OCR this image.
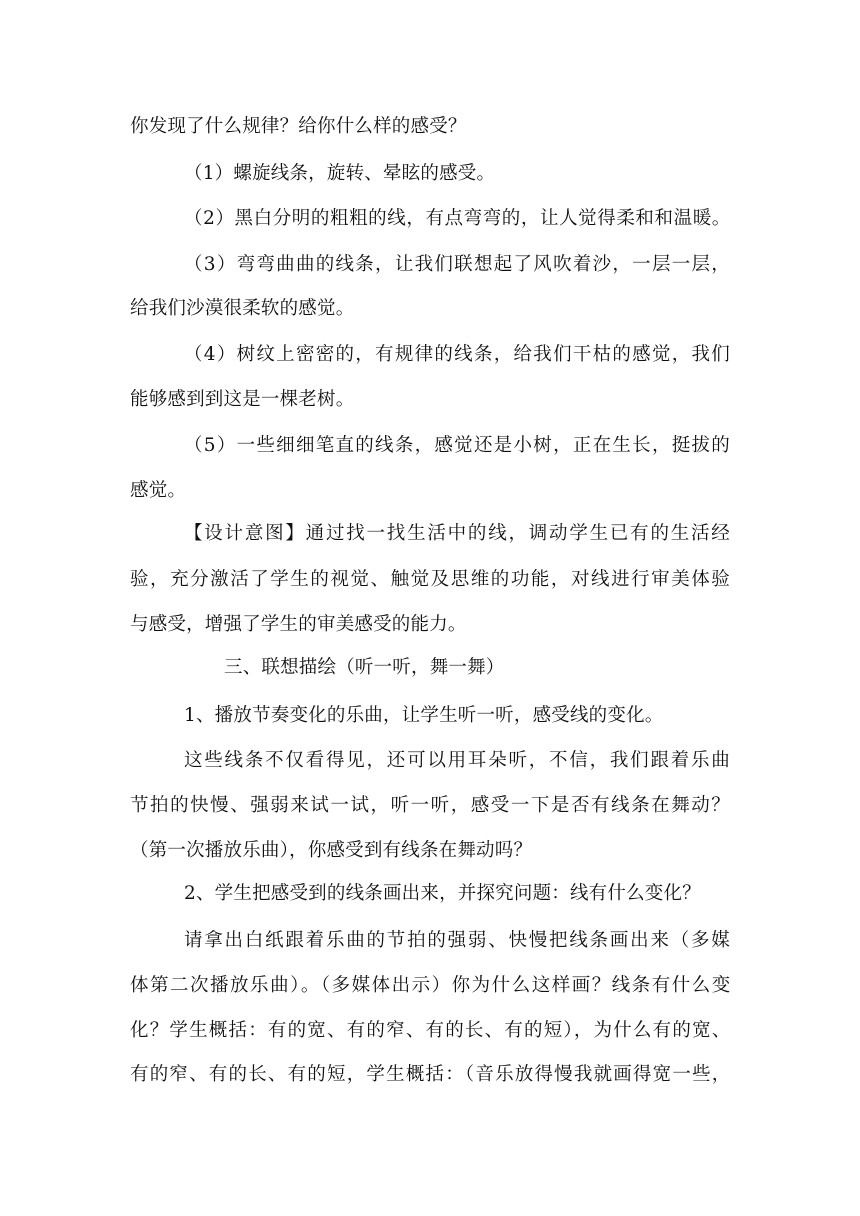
你发现了什么规律？给你什么样的感受？
（1）螺旋线条，旋转、晕眩的感受。
（2）黑白分明的粗粗的线，有点弯弯的，让人觉得柔和和温暖。
（3）弯弯曲曲的线条，让我们联想起了风吹着沙，一层一层，
给我们沙漠很柔软的感觉。
（4）树纹上密密的，有规律的线条，给我们干枯的感觉，我们
能够感到到这是一棵老树。
（5）一些细细笔直的线条，感觉还是小树，正在生长，挺拔的
感觉。
【设计意图】通过找一找生活中的线，调动学生已有的生活经
验，充分激活了学生的视觉、触觉及思维的功能，对线进行审美体验
与感受，增强了学生的审美感受的能力。
三、联想描绘（听一听，舞一舞）
1、播放节奏变化的乐曲，让学生听一听，感受线的变化。
这些线条不仅看得见，还可以用耳朵听，不信，我们跟着乐曲
节拍的快慢、强弱来试一试，听一听，感受一下是否有线条在舞动？
（第一次播放乐曲），你感受到有线条在舞动吗？
2、学生把感受到的线条画出来，并探究问题：线有什么变化？
请拿出白纸跟着乐曲的节拍的强弱、快慢把线条画出来（多媒
体第二次播放乐曲）。（多媒体出示）你为什么这样画？线条有什么变
化？学生概括：有的宽、有的窄、有的长、有的短），为什么有的宽、
有的窄、有的长、有的短，学生概括：（音乐放得慢我就画得宽一些，
